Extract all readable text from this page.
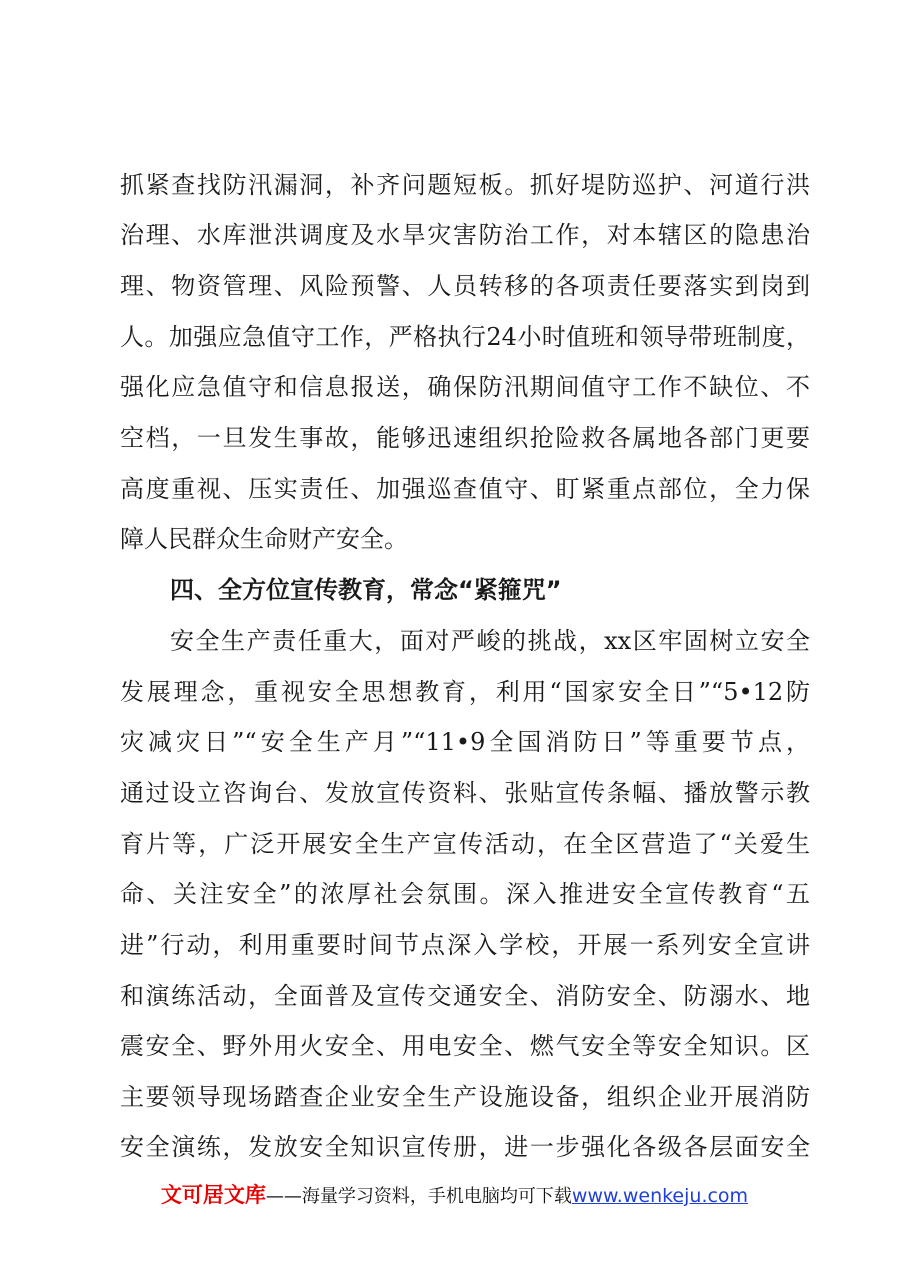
抓紧查找防汛漏洞，补齐问题短板。抓好堤防巡护、河道行洪
治理、水库泄洪调度及水旱灾害防治工作，对本辖区的隐患治
理、物资管理、风险预警、人员转移的各项责任要落实到岗到
人。加强应急值守工作，严格执行24小时值班和领导带班制度，
强化应急值守和信息报送，确保防汛期间值守工作不缺位、不
空档，一旦发生事故，能够迅速组织抢险救各属地各部门更要
高度重视、压实责任、加强巡查值守、盯紧重点部位，全力保
障人民群众生命财产安全。
四、全方位宣传教育，常念“紧箍咒”
安全生产责任重大，面对严峻的挑战，xx区牢固树立安全
发展理念，重视安全思想教育，利用“国家安全日”“5•12防
灾减灾日”“安全生产月”“11•9全国消防日”等重要节点，
通过设立咨询台、发放宣传资料、张贴宣传条幅、播放警示教
育片等，广泛开展安全生产宣传活动，在全区营造了“关爱生
命、关注安全”的浓厚社会氛围。深入推进安全宣传教育“五
进”行动，利用重要时间节点深入学校，开展一系列安全宣讲
和演练活动，全面普及宣传交通安全、消防安全、防溺水、地
震安全、野外用火安全、用电安全、燃气安全等安全知识。区
主要领导现场踏查企业安全生产设施设备，组织企业开展消防
安全演练，发放安全知识宣传册，进一步强化各级各层面安全
文可居文库——海量学习资料，手机电脑均可下载www.wenkeju.com
